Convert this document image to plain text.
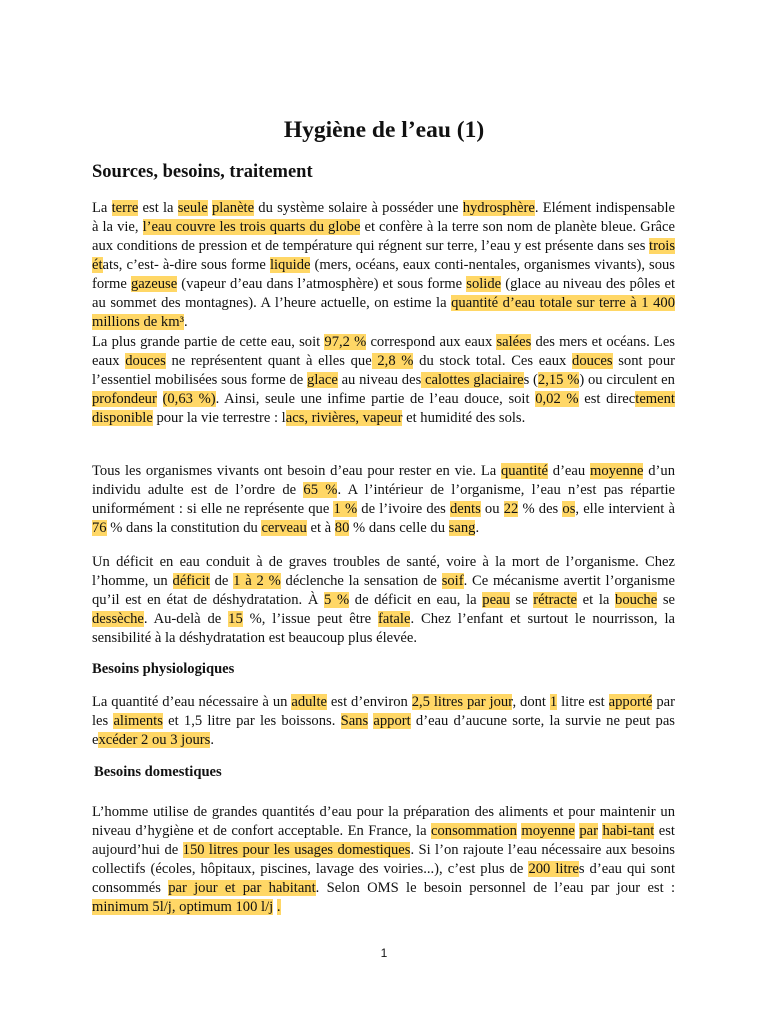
Hygiène de l’eau (1)
Sources, besoins, traitement

La terre est la seule planète du système solaire à posséder une hydrosphère. Elément indispensable à la vie, l’eau couvre les trois quarts du globe et confère à la terre son nom de planète bleue. Grâce aux conditions de pression et de température qui régnent sur terre, l’eau y est présente dans ses trois états, c’est- à-dire sous forme liquide (mers, océans, eaux conti-nentales, organismes vivants), sous forme gazeuse (vapeur d’eau dans l’atmosphère) et sous forme solide (glace au niveau des pôles et au sommet des montagnes). A l’heure actuelle, on estime la quantité d’eau totale sur terre à 1 400 millions de km³.

La plus grande partie de cette eau, soit 97,2 % correspond aux eaux salées des mers et océans. Les eaux douces ne représentent quant à elles que 2,8 % du stock total. Ces eaux douces sont pour l’essentiel mobilisées sous forme de glace au niveau des calottes glaciaires (2,15 %) ou circulent en profondeur (0,63 %). Ainsi, seule une infime partie de l’eau douce, soit 0,02 % est directement disponible pour la vie terrestre : lacs, rivières, vapeur et humidité des sols.

Tous les organismes vivants ont besoin d’eau pour rester en vie. La quantité d’eau moyenne d’un individu adulte est de l’ordre de 65 %. A l’intérieur de l’organisme, l’eau n’est pas répartie uniformément : si elle ne représente que 1 % de l’ivoire des dents ou 22 % des os, elle intervient à 76 % dans la constitution du cerveau et à 80 % dans celle du sang.

Un déficit en eau conduit à de graves troubles de santé, voire à la mort de l’organisme. Chez l’homme, un déficit de 1 à 2 % déclenche la sensation de soif. Ce mécanisme avertit l’organisme qu’il est en état de déshydratation. À 5 % de déficit en eau, la peau se rétracte et la bouche se dessèche. Au-delà de 15 %, l’issue peut être fatale. Chez l’enfant et surtout le nourrisson, la sensibilité à la déshydratation est beaucoup plus élevée.

Besoins physiologiques

La quantité d’eau nécessaire à un adulte est d’environ 2,5 litres par jour, dont 1 litre est apporté par les aliments et 1,5 litre par les boissons. Sans apport d’eau d’aucune sorte, la survie ne peut pas excéder 2 ou 3 jours.

Besoins domestiques

L’homme utilise de grandes quantités d’eau pour la préparation des aliments et pour maintenir un niveau d’hygiène et de confort acceptable. En France, la consommation moyenne par habi-tant est aujourd’hui de 150 litres pour les usages domestiques. Si l’on rajoute l’eau nécessaire aux besoins collectifs (écoles, hôpitaux, piscines, lavage des voiries...), c’est plus de 200 litres d’eau qui sont consommés par jour et par habitant. Selon OMS le besoin personnel de l’eau par jour est : minimum 5l/j, optimum 100 l/j .

1
